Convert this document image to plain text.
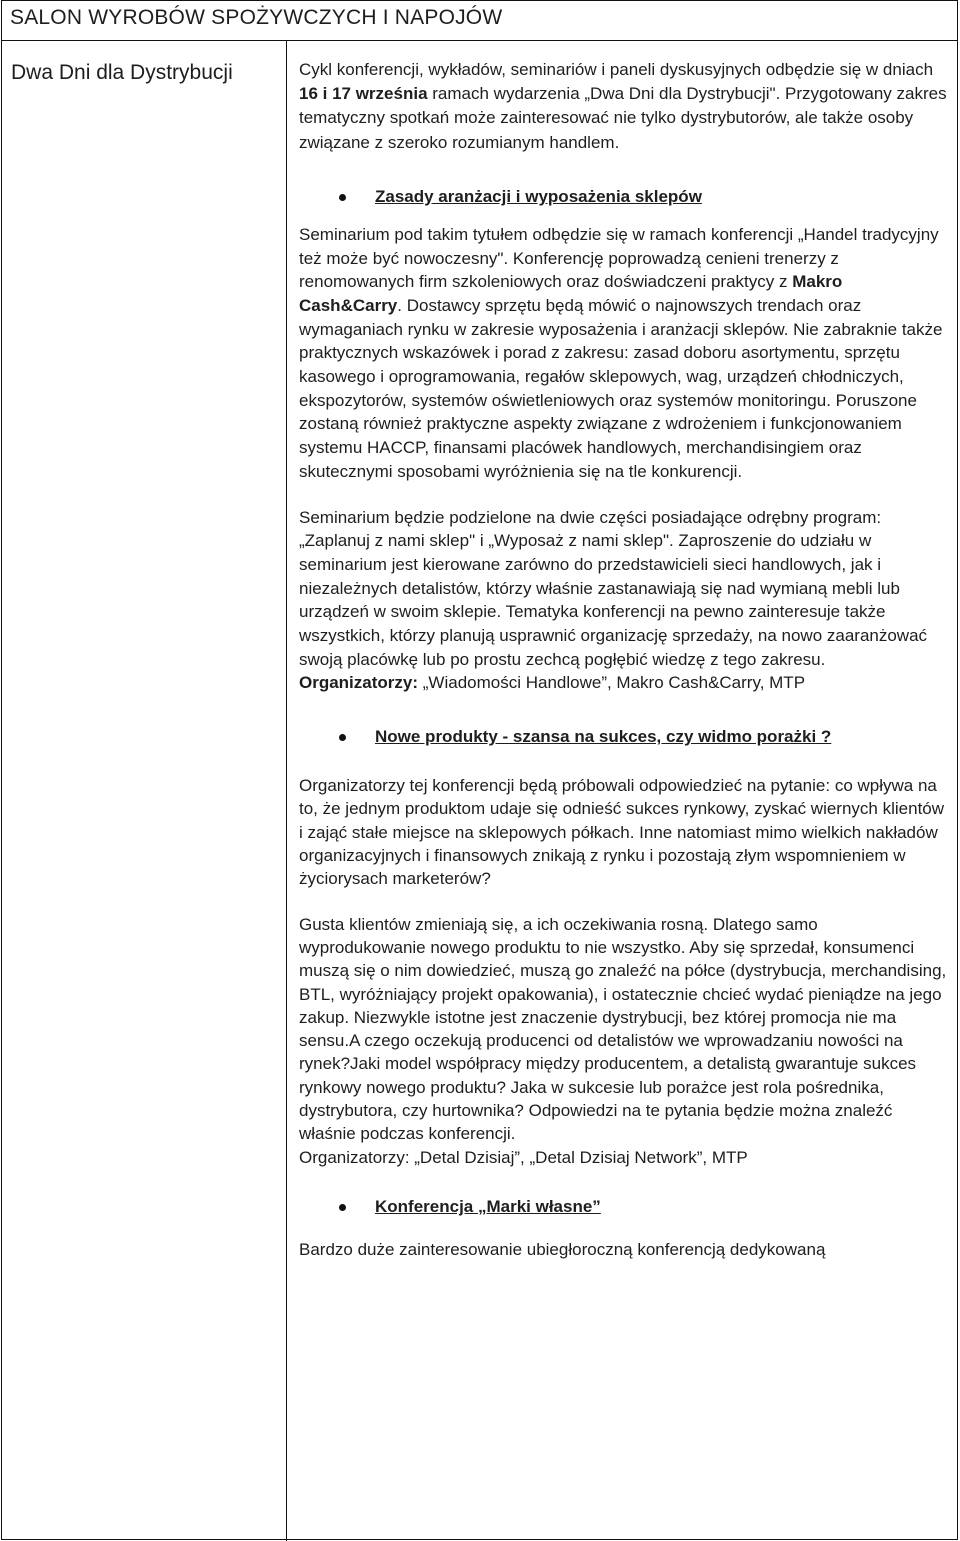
SALON WYROBÓW SPOŻYWCZYCH I NAPOJÓW
Dwa Dni dla Dystrybucji	Cykl konferencji, wykładów, seminariów i paneli dyskusyjnych odbędzie się w dniach 16 i 17 września ramach wydarzenia „Dwa Dni dla Dystrybucji". Przygotowany zakres tematyczny spotkań może zainteresować nie tylko dystrybutorów, ale także osoby związane z szeroko rozumianym handlem.

Zasady aranżacji i wyposażenia sklepów

Seminarium pod takim tytułem odbędzie się w ramach konferencji „Handel tradycyjny też może być nowoczesny". Konferencję poprowadzą cenieni trenerzy z renomowanych firm szkoleniowych oraz doświadczeni praktycy z Makro Cash&Carry. Dostawcy sprzętu będą mówić o najnowszych trendach oraz wymaganiach rynku w zakresie wyposażenia i aranżacji sklepów. Nie zabraknie także praktycznych wskazówek i porad z zakresu: zasad doboru asortymentu, sprzętu kasowego i oprogramowania, regałów sklepowych, wag, urządzeń chłodniczych, ekspozytorów, systemów oświetleniowych oraz systemów monitoringu. Poruszone zostaną również praktyczne aspekty związane z wdrożeniem i funkcjonowaniem systemu HACCP, finansami placówek handlowych, merchandisingiem oraz skutecznymi sposobami wyróżnienia się na tle konkurencji.

Seminarium będzie podzielone na dwie części posiadające odrębny program: „Zaplanuj z nami sklep" i „Wyposaż z nami sklep". Zaproszenie do udziału w seminarium jest kierowane zarówno do przedstawicieli sieci handlowych, jak i niezależnych detalistów, którzy właśnie zastanawiają się nad wymianą mebli lub urządzeń w swoim sklepie. Tematyka konferencji na pewno zainteresuje także wszystkich, którzy planują usprawnić organizację sprzedaży, na nowo zaaranżować swoją placówkę lub po prostu zechcą pogłębić wiedzę z tego zakresu.
Organizatorzy: „Wiadomości Handlowe”, Makro Cash&Carry, MTP

Nowe produkty - szansa na sukces, czy widmo porażki ?

Organizatorzy tej konferencji będą próbowali odpowiedzieć na pytanie: co wpływa na to, że jednym produktom udaje się odnieść sukces rynkowy, zyskać wiernych klientów i zająć stałe miejsce na sklepowych półkach. Inne natomiast mimo wielkich nakładów organizacyjnych i finansowych znikają z rynku i pozostają złym wspomnieniem w życiorysach marketerów?

Gusta klientów zmieniają się, a ich oczekiwania rosną. Dlatego samo wyprodukowanie nowego produktu to nie wszystko. Aby się sprzedał, konsumenci muszą się o nim dowiedzieć, muszą go znaleźć na półce (dystrybucja, merchandising, BTL, wyróżniający projekt opakowania), i ostatecznie chcieć wydać pieniądze na jego zakup. Niezwykle istotne jest znaczenie dystrybucji, bez której promocja nie ma sensu.A czego oczekują producenci od detalistów we wprowadzaniu nowości na rynek?Jaki model współpracy między producentem, a detalistą gwarantuje sukces rynkowy nowego produktu? Jaka w sukcesie lub porażce jest rola pośrednika, dystrybutora, czy hurtownika? Odpowiedzi na te pytania będzie można znaleźć właśnie podczas konferencji.
Organizatorzy: „Detal Dzisiaj”, „Detal Dzisiaj Network”, MTP

Konferencja „Marki własne”

Bardzo duże zainteresowanie ubiegłoroczną konferencją dedykowaną
